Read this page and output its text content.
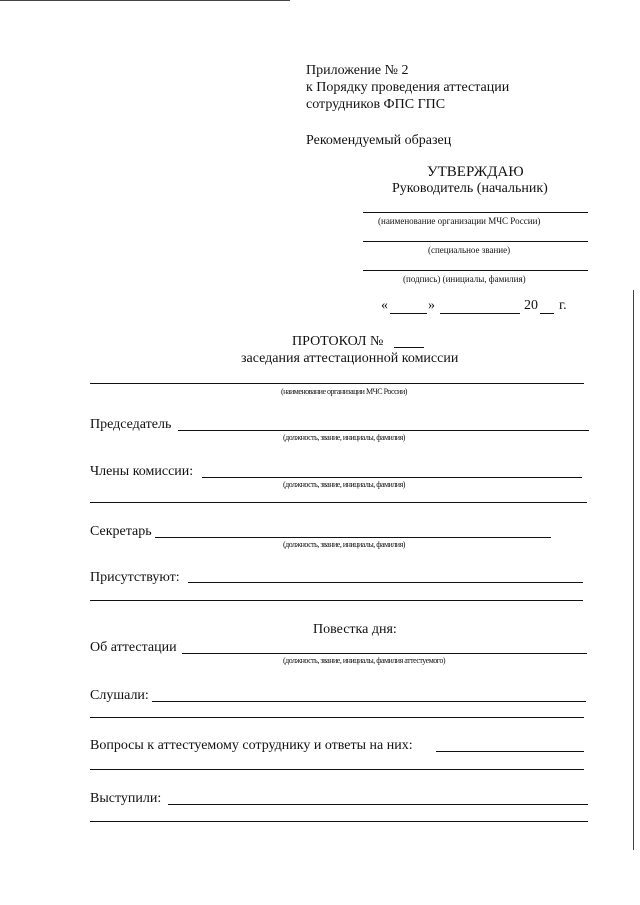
Приложение № 2
к Порядку проведения аттестации
сотрудников ФПС ГПС
Рекомендуемый образец
УТВЕРЖДАЮ
Руководитель (начальник)
(наименование организации МЧС России)
(специальное звание)
(подпись) (инициалы, фамилия)
«	»	20 г.
ПРОТОКОЛ №
заседания аттестационной комиссии
(наименование организации МЧС России)
Председатель
(должность, звание, инициалы, фамилия)
Члены комиссии:
(должность, звание, инициалы, фамилия)
Секретарь
(должность, звание, инициалы, фамилия)
Присутствуют:
Повестка дня:
Об аттестации
(должность, звание, инициалы, фамилия аттестуемого)
Слушали:
Вопросы к аттестуемому сотруднику и ответы на них:
Выступили:
